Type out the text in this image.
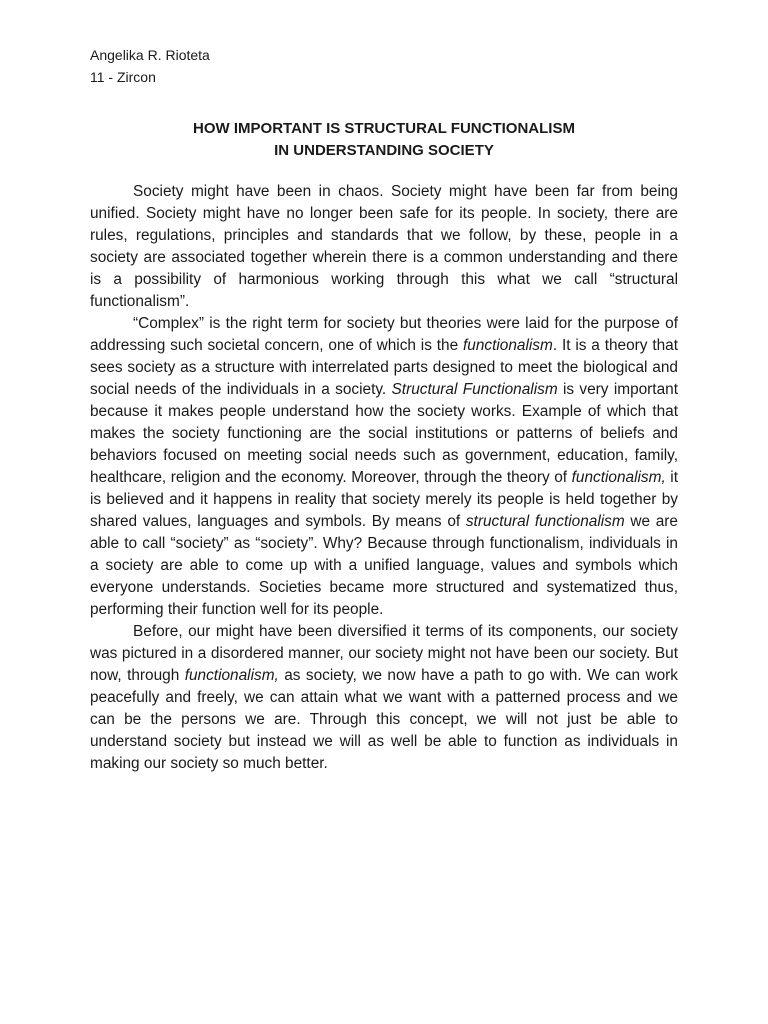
Angelika R. Rioteta
11 - Zircon
HOW IMPORTANT IS STRUCTURAL FUNCTIONALISM
IN UNDERSTANDING SOCIETY

Society might have been in chaos. Society might have been far from being unified. Society might have no longer been safe for its people. In society, there are rules, regulations, principles and standards that we follow, by these, people in a society are associated together wherein there is a common understanding and there is a possibility of harmonious working through this what we call “structural functionalism”.

“Complex” is the right term for society but theories were laid for the purpose of addressing such societal concern, one of which is the functionalism. It is a theory that sees society as a structure with interrelated parts designed to meet the biological and social needs of the individuals in a society. Structural Functionalism is very important because it makes people understand how the society works. Example of which that makes the society functioning are the social institutions or patterns of beliefs and behaviors focused on meeting social needs such as government, education, family, healthcare, religion and the economy. Moreover, through the theory of functionalism, it is believed and it happens in reality that society merely its people is held together by shared values, languages and symbols. By means of structural functionalism we are able to call “society” as “society”. Why? Because through functionalism, individuals in a society are able to come up with a unified language, values and symbols which everyone understands. Societies became more structured and systematized thus, performing their function well for its people.

Before, our might have been diversified it terms of its components, our society was pictured in a disordered manner, our society might not have been our society. But now, through functionalism, as society, we now have a path to go with. We can work peacefully and freely, we can attain what we want with a patterned process and we can be the persons we are. Through this concept, we will not just be able to understand society but instead we will as well be able to function as individuals in making our society so much better.
